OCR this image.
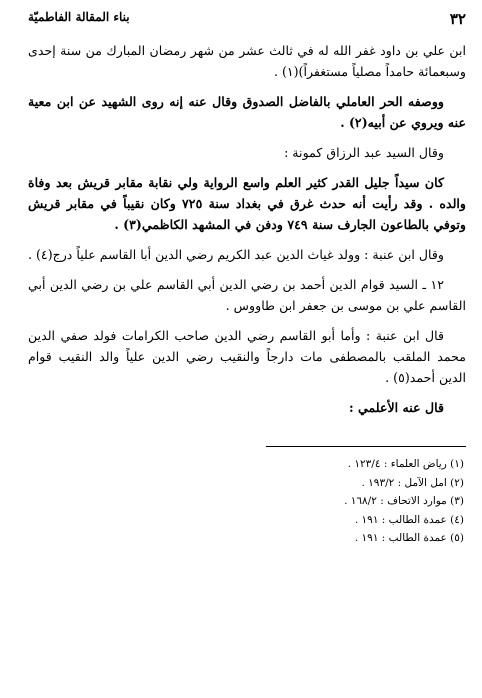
٣٢
بناء المقالة الفاطميّة

ابن علي بن داود غفر الله له في ثالث عشر من شهر رمضان المبارك من سنة إحدى وسبعمائة حامداً مصلياً مستغفراً)(١) .

ووصفه الحر العاملي بالفاضل الصدوق وقال عنه إنه روى الشهيد عن ابن معية عنه ويروي عن أبيه(٢) .

وقال السيد عبد الرزاق كمونة :

كان سيداً جليل القدر كثير العلم واسع الرواية ولي نقابة مقابر قريش بعد وفاة والده . وقد رأيت أنه حدث غرق في بغداد سنة ٧٢٥ وكان نقيباً في مقابر قريش وتوفي بالطاعون الجارف سنة ٧٤٩ ودفن في المشهد الكاظمي(٣) .

وقال ابن عنبة : وولد غياث الدين عبد الكريم رضي الدين أبا القاسم علياً درج(٤) .

١٢ ـ السيد قوام الدين أحمد بن رضي الدين أبي القاسم علي بن رضي الدين أبي القاسم علي بن موسى بن جعفر ابن طاووس .

قال ابن عنبة : وأما أبو القاسم رضي الدين صاحب الكرامات فولد صفي الدين محمد الملقب بالمصطفى مات دارجاً والنقيب رضي الدين علياً والد النقيب قوام الدين أحمد(٥) .

قال عنه الأعلمي :

(١) رياض العلماء : ١٢٣/٤ .
(٢) امل الآمل : ١٩٣/٢ .
(٣) موارد الاتحاف : ١٦٨/٢ .
(٤) عمدة الطالب : ١٩١ .
(٥) عمدة الطالب : ١٩١ .
